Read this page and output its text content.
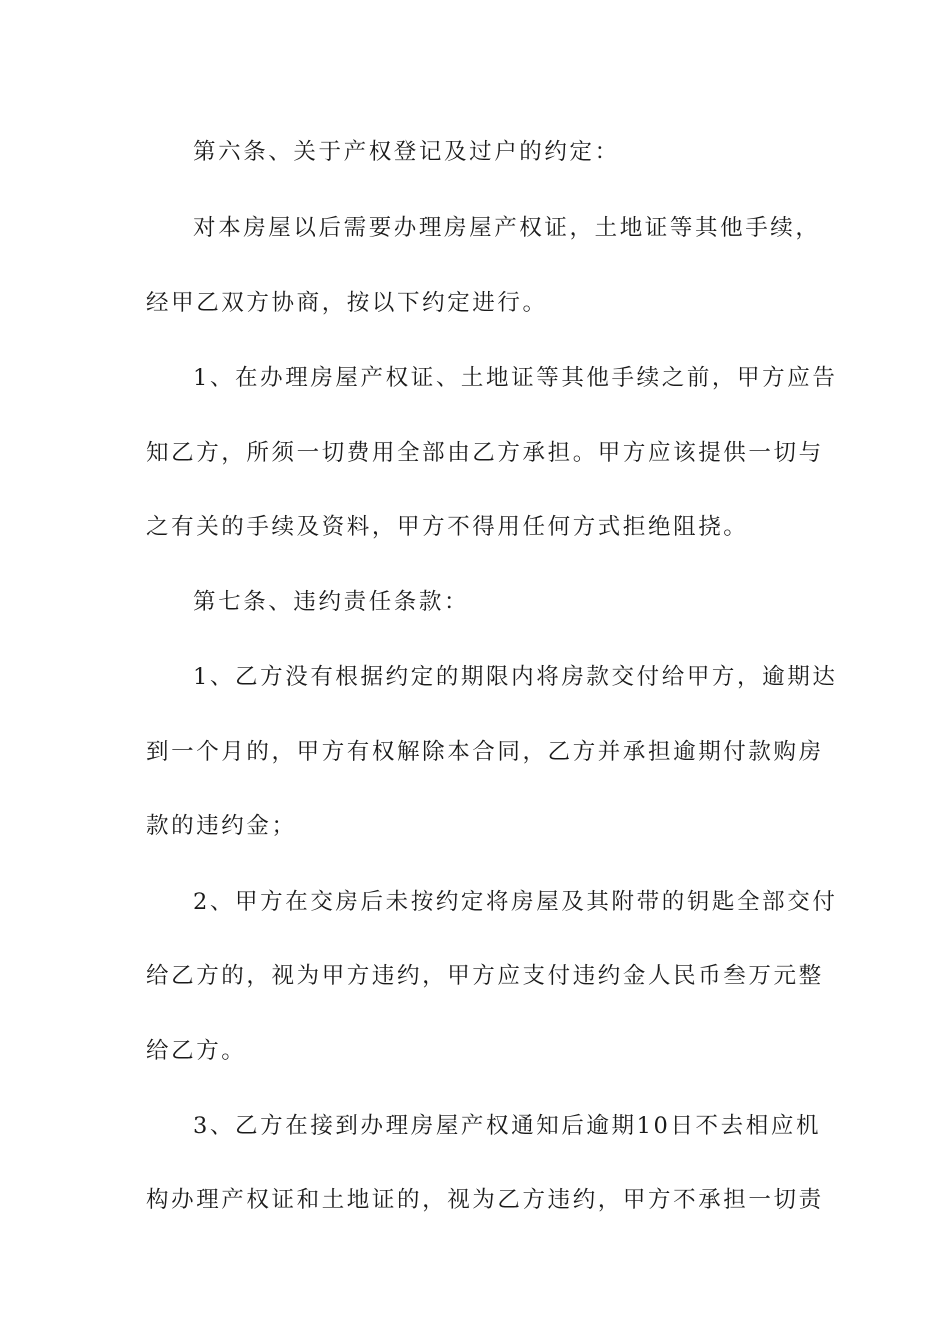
第六条、关于产权登记及过户的约定：
对本房屋以后需要办理房屋产权证，土地证等其他手续，
经甲乙双方协商，按以下约定进行。
1、在办理房屋产权证、土地证等其他手续之前，甲方应告
知乙方，所须一切费用全部由乙方承担。甲方应该提供一切与
之有关的手续及资料，甲方不得用任何方式拒绝阻挠。
第七条、违约责任条款：
1、乙方没有根据约定的期限内将房款交付给甲方，逾期达
到一个月的，甲方有权解除本合同，乙方并承担逾期付款购房
款的违约金；
2、甲方在交房后未按约定将房屋及其附带的钥匙全部交付
给乙方的，视为甲方违约，甲方应支付违约金人民币叁万元整
给乙方。
3、乙方在接到办理房屋产权通知后逾期10日不去相应机
构办理产权证和土地证的，视为乙方违约，甲方不承担一切责
